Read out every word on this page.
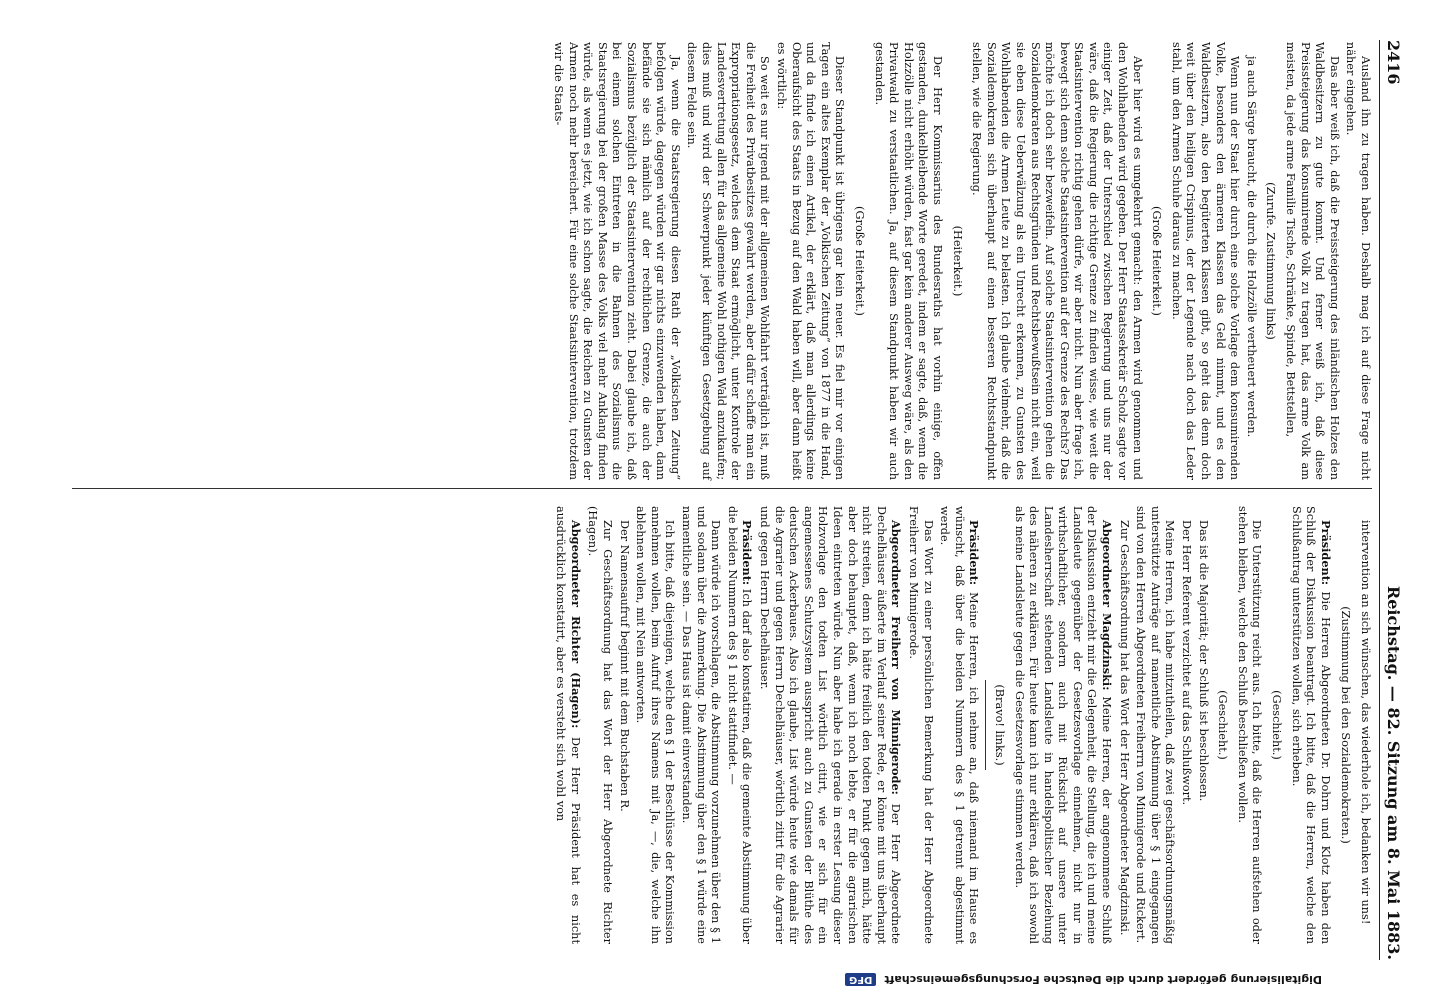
2416
Reichstag. — 82. Sitzung am 8. Mai 1883.

Ausland ihn zu tragen haben. Deshalb mag ich auf diese Frage nicht näher eingehen.

Das aber weiß ich, daß die Preissteigerung des inländischen Holzes den Waldbesitzern zu gute kommt. Und ferner weiß ich, daß diese Preissteigerung das konsumirende Volk zu tragen hat, das arme Volk am meisten, da jede arme Familie Tische, Schränke, Spinde, Bettstellen,

(Zurufe. Zustimmung links)

ja auch Särge braucht, die durch die Holzzölle vertheuert werden.

Wenn nun der Staat hier durch eine solche Vorlage dem konsumirenden Volke, besonders den ärmeren Klassen das Geld nimmt, und es den Waldbesitzern, also den begüterten Klassen gibt, so geht das denn doch weit über den heiligen Crispinus, der der Legende nach doch das Leder stahl, um den Armen Schuhe daraus zu machen.

(Große Heiterkeit.)

Aber hier wird es umgekehrt gemacht: den Armen wird genommen und den Wohlhabenden wird gegeben. Der Herr Staatssekretär Scholz sagte vor einiger Zeit, daß der Unterschied zwischen Regierung und uns nur der wäre, daß die Regierung die richtige Grenze zu finden wisse, wie weit die Staatsintervention richtig gehen dürfe, wir aber nicht. Nun aber frage ich, bewegt sich denn solche Staatsintervention auf der Grenze des Rechts? Das möchte ich doch sehr bezweifeln. Auf solche Staatsintervention gehen die Sozialdemokraten aus Rechtsgründen und Rechtsbewußtsein nicht ein, weil sie eben diese Ueberwälzung als ein Unrecht erkennen, zu Gunsten des Wohlhabenden die Armen Leute zu belasten. Ich glaube vielmehr, daß die Sozialdemokraten sich überhaupt auf einen besseren Rechtsstandpunkt stellen, wie die Regierung.

(Heiterkeit.)

Der Herr Kommissarius des Bundesraths hat vorhin einige, offen gestanden, dunkelbleibende Worte geredet, indem er sagte, daß, wenn die Holzzölle nicht erhöht würden, fast gar kein anderer Ausweg wäre, als den Privatwald zu verstaatlichen. Ja, auf diesem Standpunkt haben wir auch gestanden.

(Große Heiterkeit.)

Dieser Standpunkt ist übrigens gar kein neuer. Es fiel mir vor einigen Tagen ein altes Exemplar der „Volkischen Zeitung“ von 1877 in die Hand, und da finde ich einen Artikel, der erklärt, daß man allerdings keine Oberaufsicht des Staats in Bezug auf den Wald haben will, aber dann heißt es wörtlich:

So weit es nur irgend mit der allgemeinen Wohlfahrt verträglich ist, muß die Freiheit des Privatbesitzes gewahrt werden, aber dafür schaffe man ein Expropriationsgesetz, welches dem Staat ermöglicht, unter Kontrole der Landesvertretung allen für das allgemeine Wohl nothigen Wald anzukaufen; dies muß und wird der Schwerpunkt jeder künftigen Gesetzgebung auf diesem Felde sein.

Ja, wenn die Staatsregierung diesen Rath der „Volkischen Zeitung“ befolgen würde, dagegen würden wir gar nichts einzuwenden haben, dann befände sie sich nämlich auf der rechtlichen Grenze, die auch der Sozialismus bezüglich der Staatsintervention zieht. Dabei glaube ich, daß bei einem solchen Eintreten in die Bahnen des Sozialismus die Staatsregierung bei der großen Masse des Volks viel mehr Anklang finden würde, als wenn es jetzt, wie ich schon sagte, die Reichen zu Gunsten der Armen noch mehr bereichert. Für eine solche Staatsintervention, trotzdem wir die Staats-

intervention an sich wünschen, das wiederhole ich, bedanken wir uns!

(Zustimmung bei den Sozialdemokraten.)

Präsident: Die Herren Abgeordneten Dr. Dohrn und Klotz haben den Schluß der Diskussion beantragt. Ich bitte, daß die Herren, welche den Schlußantrag unterstützen wollen, sich erheben.

(Geschieht.)

Die Unterstützung reicht aus. Ich bitte, daß die Herren aufstehen oder stehen bleiben, welche den Schluß beschließen wollen.

(Geschieht.)

Das ist die Majorität; der Schluß ist beschlossen.

Der Herr Referent verzichtet auf das Schlußwort.

Meine Herren, ich habe mitzutheilen, daß zwei geschäftsordnungsmäßig unterstützte Anträge auf namentliche Abstimmung über § 1 eingegangen sind von den Herren Abgeordneten Freiherrn von Minnigerode und Rickert.

Zur Geschäftsordnung hat das Wort der Herr Abgeordneter Magdzinski.

Abgeordneter Magdzinski: Meine Herren, der angenommene Schluß der Diskussion entzieht mir die Gelegenheit, die Stellung, die ich und meine Landsleute gegenüber der Gesetzesvorlage einnehmen, nicht nur in wirthschaftlicher, sondern auch mit Rücksicht auf unsere unter Landesherrschaft stehenden Landsleute in handelspolitischer Beziehung des näheren zu erklären. Für heute kann ich nur erklären, daß ich sowohl als meine Landsleute gegen die Gesetzesvorlage stimmen werden.

(Bravo! links.)

Präsident: Meine Herren, ich nehme an, daß niemand im Hause es wünscht, daß über die beiden Nummern des § 1 getrennt abgestimmt werde.

Das Wort zu einer persönlichen Bemerkung hat der Herr Abgeordnete Freiherr von Minnigerode.

Abgeordneter Freiherr von Minnigerode: Der Herr Abgeordnete Dechelhäuser äußerte im Verlauf seiner Rede, er könne mit uns überhaupt nicht streiten, denn ich hätte freilich den todten Punkt gegen mich, hätte aber doch behauptet, daß, wenn ich noch lebte, er für die agrarischen Ideen eintreten würde. Nun aber habe ich gerade in erster Lesung dieser Holzvorlage den todten List wörtlich citirt, wie er sich für ein angemessenes Schutzsystem ausspricht auch zu Gunsten der Blüthe des deutschen Ackerbaues. Also ich glaube, List würde heute wie damals für die Agrarier und gegen Herrn Dechelhäuser, wörtlich zitirt für die Agrarier und gegen Herrn Dechelhäuser.

Präsident: Ich darf also konstatiren, daß die gemeinte Abstimmung über die beiden Nummern des § 1 nicht stattfindet. —

Dann würde ich vorschlagen, die Abstimmung vorzunehmen über den § 1 und sodann über die Anmerkung. Die Abstimmung über den § 1 würde eine namentliche sein. — Das Haus ist damit einverstanden.

Ich bitte, daß diejenigen, welche den § 1 der Beschlüsse der Kommission annehmen wollen, beim Aufruf ihres Namens mit Ja, —, die, welche ihn ablehnen wollen, mit Nein antworten.

Der Namensaufruf beginnt mit dem Buchstaben R.

Zur Geschäftsordnung hat das Wort der Herr Abgeordnete Richter (Hagen).

Abgeordneter Richter (Hagen): Der Herr Präsident hat es nicht ausdrücklich konstatirt, aber es versteht sich wohl von

Digitalisierung gefördert durch die Deutsche Forschungsgemeinschaft
DFG
